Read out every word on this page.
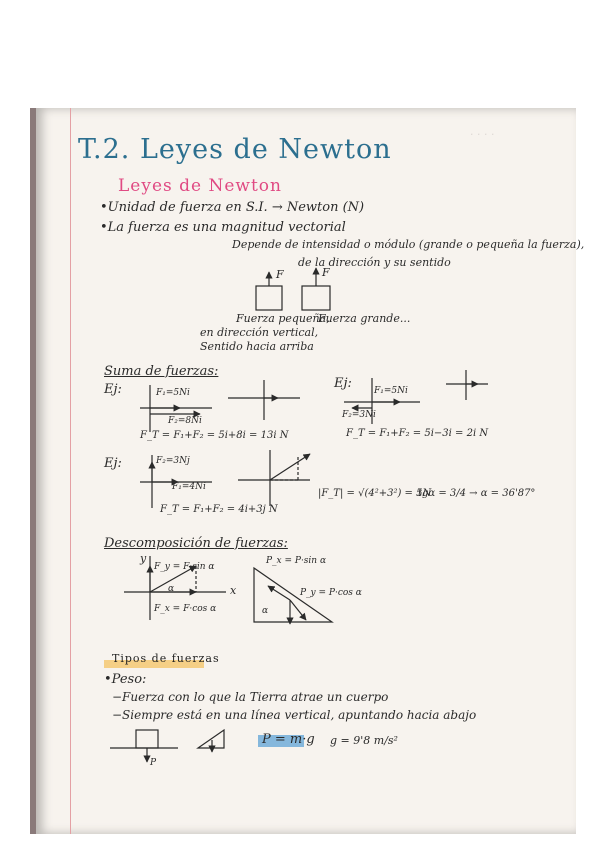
· · · ·
T.2. Leyes de Newton
Leyes de Newton
•Unidad de fuerza en S.I. → Newton (N)
•La fuerza es una magnitud vectorial
Depende de intensidad o módulo (grande o pequeña la fuerza),
de la dirección y su sentido
Fuerza pequeña,
Fuerza grande...
en dirección vertical,
Sentido hacia arriba
F	F
Suma de fuerzas:
Ej:	F₁=5Ni
F₂=8Ni
F_T = F₁+F₂ = 5i+8i = 13i N
Ej: F₁=5Ni
F₂=3Ni
F_T = F₁+F₂ = 5i−3i = 2i N
Ej:	F₂=3Nj
F₁=4Ni
F_T = F₁+F₂ = 4i+3j N
|F_T| = √(4²+3²) = 5N
tgα = 3/4 → α = 36'87°
Descomposición de fuerzas:
F_y = F·sin α
F_x = F·cos α
x
y
α
P_x = P·sin α
P_y = P·cos α
α
Tipos de fuerzas
•Peso:
−Fuerza con lo que la Tierra atrae un cuerpo
−Siempre está en una línea vertical, apuntando hacia abajo
P = m·g g = 9'8 m/s²
P
